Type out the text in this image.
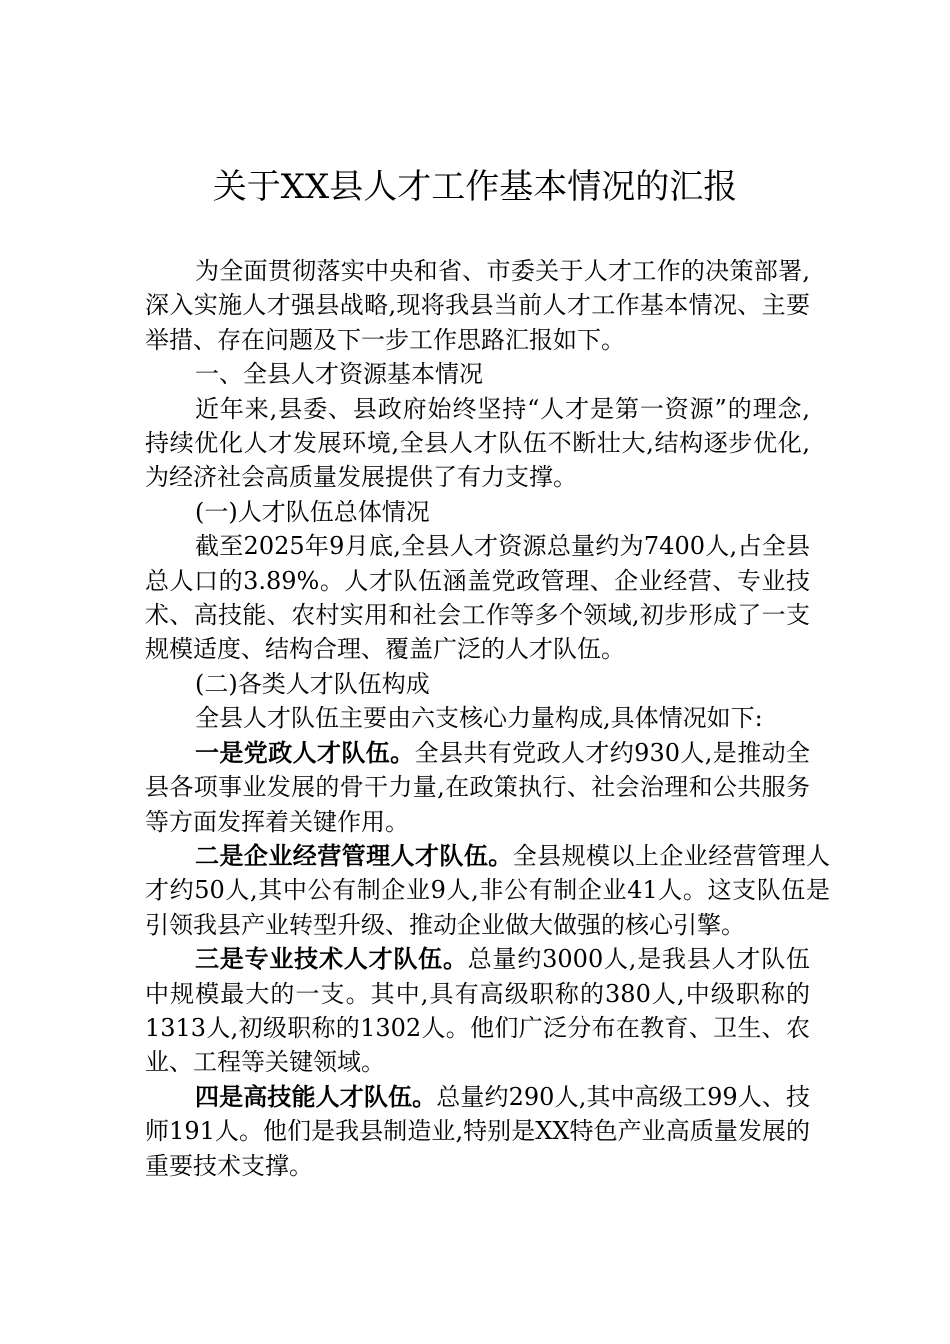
关于XX县人才工作基本情况的汇报

为全面贯彻落实中央和省、市委关于人才工作的决策部署,深入实施人才强县战略,现将我县当前人才工作基本情况、主要举措、存在问题及下一步工作思路汇报如下。

一、全县人才资源基本情况

近年来,县委、县政府始终坚持“人才是第一资源”的理念,持续优化人才发展环境,全县人才队伍不断壮大,结构逐步优化,为经济社会高质量发展提供了有力支撑。

(一)人才队伍总体情况

截至2025年9月底,全县人才资源总量约为7400人,占全县总人口的3.89%。人才队伍涵盖党政管理、企业经营、专业技术、高技能、农村实用和社会工作等多个领域,初步形成了一支规模适度、结构合理、覆盖广泛的人才队伍。

(二)各类人才队伍构成

全县人才队伍主要由六支核心力量构成,具体情况如下:

一是党政人才队伍。全县共有党政人才约930人,是推动全县各项事业发展的骨干力量,在政策执行、社会治理和公共服务等方面发挥着关键作用。

二是企业经营管理人才队伍。全县规模以上企业经营管理人才约50人,其中公有制企业9人,非公有制企业41人。这支队伍是引领我县产业转型升级、推动企业做大做强的核心引擎。

三是专业技术人才队伍。总量约3000人,是我县人才队伍中规模最大的一支。其中,具有高级职称的380人,中级职称的1313人,初级职称的1302人。他们广泛分布在教育、卫生、农业、工程等关键领域。

四是高技能人才队伍。总量约290人,其中高级工99人、技师191人。他们是我县制造业,特别是XX特色产业高质量发展的重要技术支撑。
